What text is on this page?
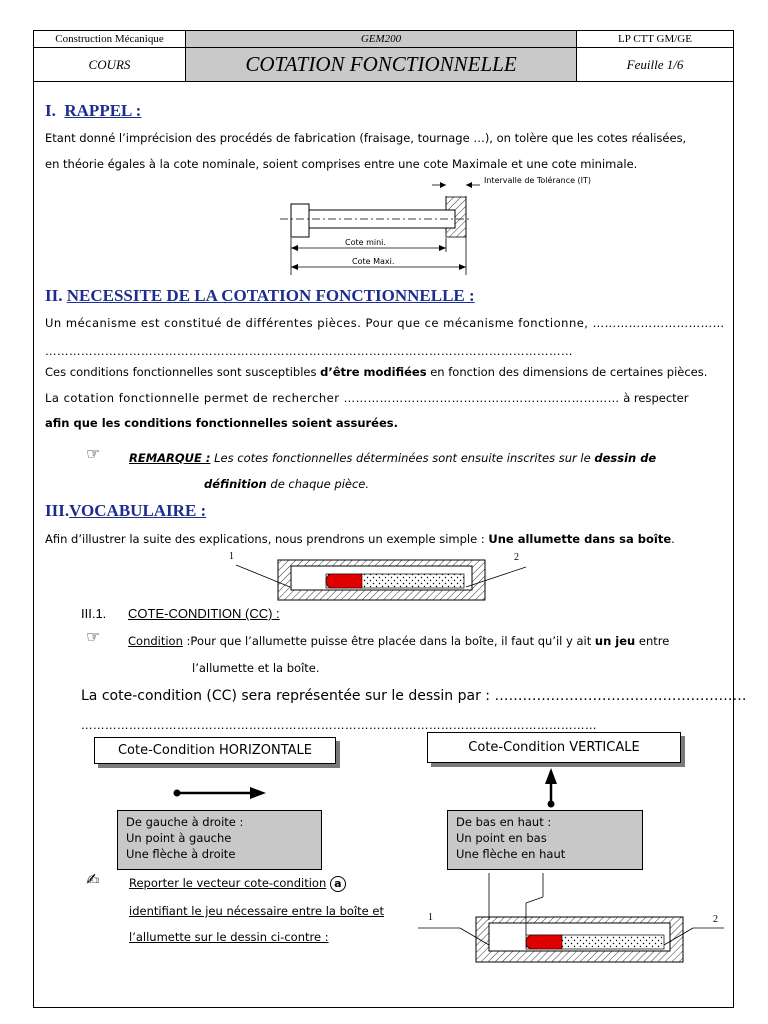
Construction Mécanique	GEM200	LP CTT GM/GE
COURS	COTATION FONCTIONNELLE	Feuille 1/6
I. RAPPEL :
Etant donné l’imprécision des procédés de fabrication (fraisage, tournage …), on tolère que les cotes réalisées,
en théorie égales à la cote nominale, soient comprises entre une cote Maximale et une cote minimale.
Intervalle de Tolérance (IT)
Cote mini.
Cote Maxi.
II. NECESSITE DE LA COTATION FONCTIONNELLE :
Un mécanisme est constitué de différentes pièces. Pour que ce mécanisme fonctionne, ……………………………
……………………………………………………………………………………………………………………
Ces conditions fonctionnelles sont susceptibles d’être modifiées en fonction des dimensions de certaines pièces.
La cotation fonctionnelle permet de rechercher …………………………………………………………… à respecter
afin que les conditions fonctionnelles soient assurées.
☞ REMARQUE : Les cotes fonctionnelles déterminées sont ensuite inscrites sur le dessin de
définition de chaque pièce.
III.VOCABULAIRE :
Afin d’illustrer la suite des explications, nous prendrons un exemple simple : Une allumette dans sa boîte.
1	2
III.1. COTE-CONDITION (CC) :
☞ Condition :Pour que l’allumette puisse être placée dans la boîte, il faut qu’il y ait un jeu entre
l’allumette et la boîte.
La cote-condition (CC) sera représentée sur le dessin par : ………………………………………………
…………………………………………………………………………………………………………………
Cote-Condition HORIZONTALE	Cote-Condition VERTICALE
De gauche à droite :
Un point à gauche
Une flèche à droite
De bas en haut :
Un point en bas
Une flèche en haut
✍	Reporter le vecteur cote-condition a
identifiant le jeu nécessaire entre la boîte et
l’allumette sur le dessin ci-contre :
1	2
